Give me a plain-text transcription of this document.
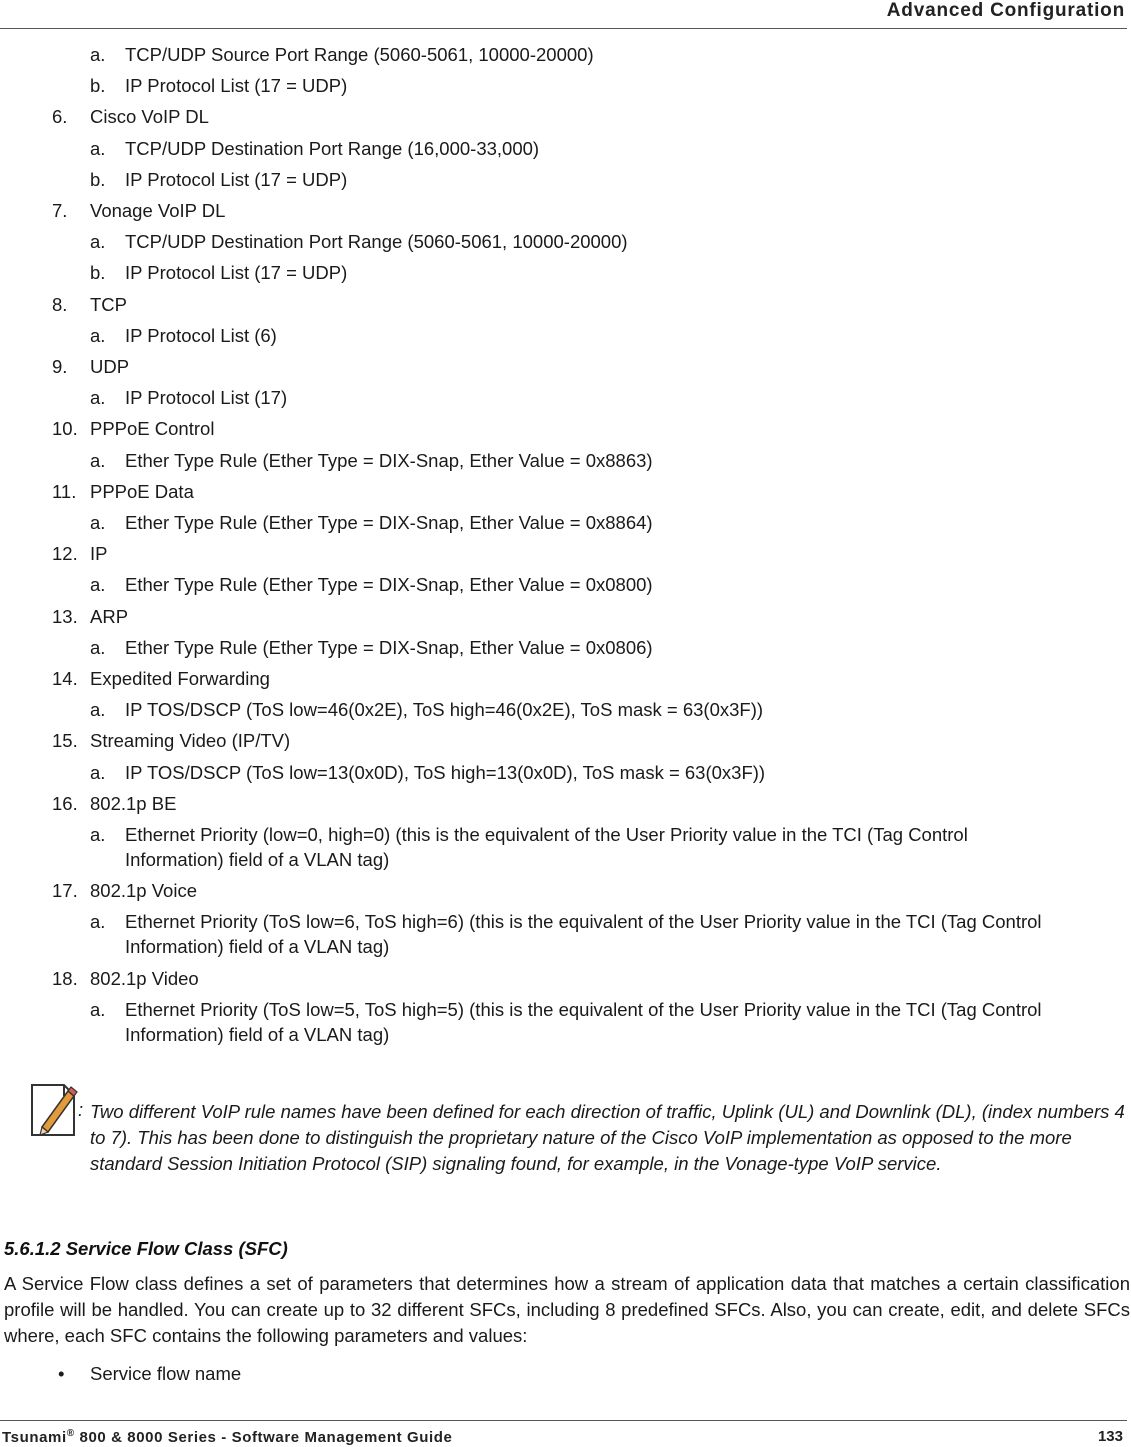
Advanced Configuration
a. TCP/UDP Source Port Range (5060-5061, 10000-20000)
b. IP Protocol List (17 = UDP)
6. Cisco VoIP DL
a. TCP/UDP Destination Port Range (16,000-33,000)
b. IP Protocol List (17 = UDP)
7. Vonage VoIP DL
a. TCP/UDP Destination Port Range (5060-5061, 10000-20000)
b. IP Protocol List (17 = UDP)
8. TCP
a. IP Protocol List (6)
9. UDP
a. IP Protocol List (17)
10. PPPoE Control
a. Ether Type Rule (Ether Type = DIX-Snap, Ether Value = 0x8863)
11. PPPoE Data
a. Ether Type Rule (Ether Type = DIX-Snap, Ether Value = 0x8864)
12. IP
a. Ether Type Rule (Ether Type = DIX-Snap, Ether Value = 0x0800)
13. ARP
a. Ether Type Rule (Ether Type = DIX-Snap, Ether Value = 0x0806)
14. Expedited Forwarding
a. IP TOS/DSCP (ToS low=46(0x2E), ToS high=46(0x2E), ToS mask = 63(0x3F))
15. Streaming Video (IP/TV)
a. IP TOS/DSCP (ToS low=13(0x0D), ToS high=13(0x0D), ToS mask = 63(0x3F))
16. 802.1p BE
a. Ethernet Priority (low=0, high=0) (this is the equivalent of the User Priority value in the TCI (Tag Control
Information) field of a VLAN tag)
17. 802.1p Voice
a. Ethernet Priority (ToS low=6, ToS high=6) (this is the equivalent of the User Priority value in the TCI (Tag Control
Information) field of a VLAN tag)
18. 802.1p Video
a. Ethernet Priority (ToS low=5, ToS high=5) (this is the equivalent of the User Priority value in the TCI (Tag Control
Information) field of a VLAN tag)
: Two different VoIP rule names have been defined for each direction of traffic, Uplink (UL) and Downlink (DL), (index numbers 4 to 7). This has been done to distinguish the proprietary nature of the Cisco VoIP implementation as opposed to the more standard Session Initiation Protocol (SIP) signaling found, for example, in the Vonage-type VoIP service.
5.6.1.2 Service Flow Class (SFC)
A Service Flow class defines a set of parameters that determines how a stream of application data that matches a certain classification profile will be handled. You can create up to 32 different SFCs, including 8 predefined SFCs. Also, you can create, edit, and delete SFCs where, each SFC contains the following parameters and values:
• Service flow name
Tsunami® 800 & 8000 Series - Software Management Guide	133
